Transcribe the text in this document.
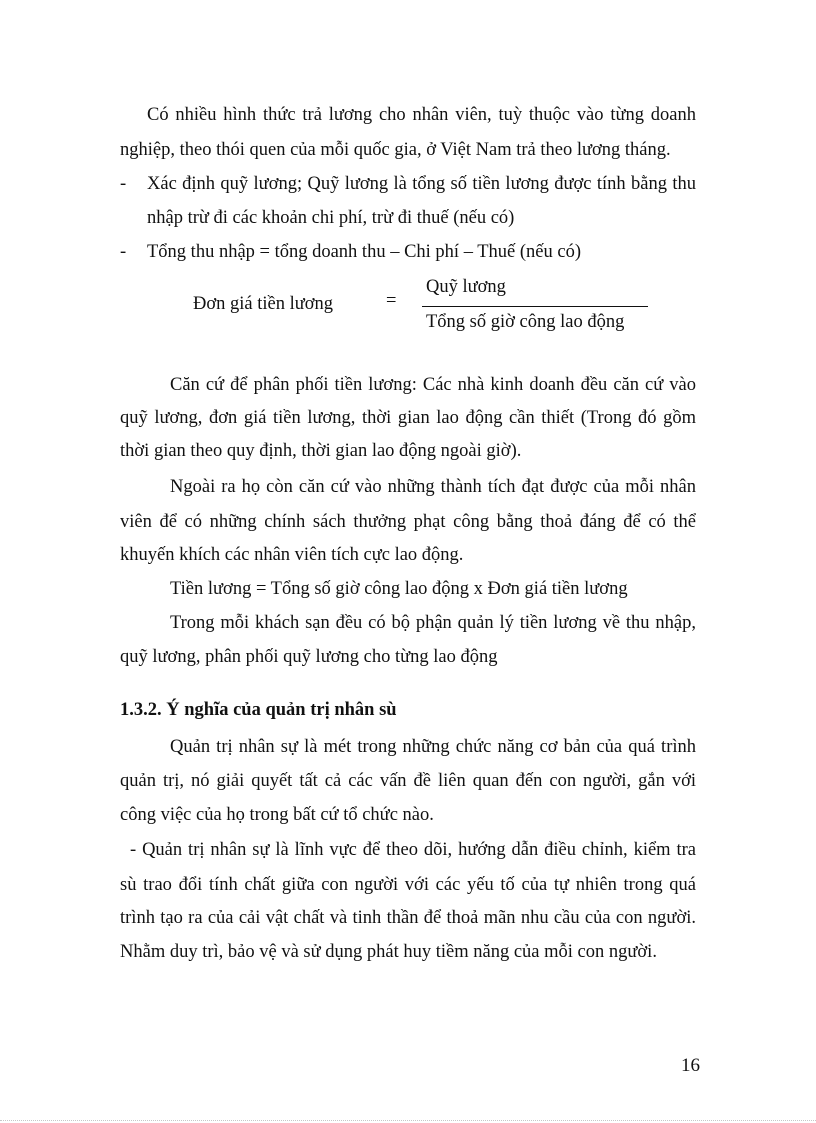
Có nhiều hình thức trả lương cho nhân viên, tuỳ thuộc vào từng doanh
nghiệp, theo thói quen của mỗi quốc gia, ở Việt Nam trả theo lương tháng.
- Xác định quỹ lương; Quỹ lương là tổng số tiền lương được tính bằng thu
nhập trừ đi các khoản chi phí, trừ đi thuế (nếu có)
- Tổng thu nhập = tổng doanh thu – Chi phí – Thuế (nếu có)
Đơn giá tiền lương	=
Quỹ lương
Tổng số giờ công lao động
Căn cứ để phân phối tiền lương: Các nhà kinh doanh đều căn cứ vào
quỹ lương, đơn giá tiền lương, thời gian lao động cần thiết (Trong đó gồm
thời gian theo quy định, thời gian lao động ngoài giờ).
Ngoài ra họ còn căn cứ vào những thành tích đạt được của mỗi nhân
viên để có những chính sách thưởng phạt công bằng thoả đáng để có thể
khuyến khích các nhân viên tích cực lao động.
Tiền lương = Tổng số giờ công lao động x Đơn giá tiền lương
Trong mỗi khách sạn đều có bộ phận quản lý tiền lương về thu nhập,
quỹ lương, phân phối quỹ lương cho từng lao động
1.3.2. Ý nghĩa của quản trị nhân sù
Quản trị nhân sự là mét trong những chức năng cơ bản của quá trình
quản trị, nó giải quyết tất cả các vấn đề liên quan đến con người, gắn với
công việc của họ trong bất cứ tổ chức nào.
- Quản trị nhân sự là lĩnh vực để theo dõi, hướng dẫn điều chỉnh, kiểm tra
sù trao đổi tính chất giữa con người với các yếu tố của tự nhiên trong quá
trình tạo ra của cải vật chất và tinh thần để thoả mãn nhu cầu của con người.
Nhằm duy trì, bảo vệ và sử dụng phát huy tiềm năng của mỗi con người.
16
